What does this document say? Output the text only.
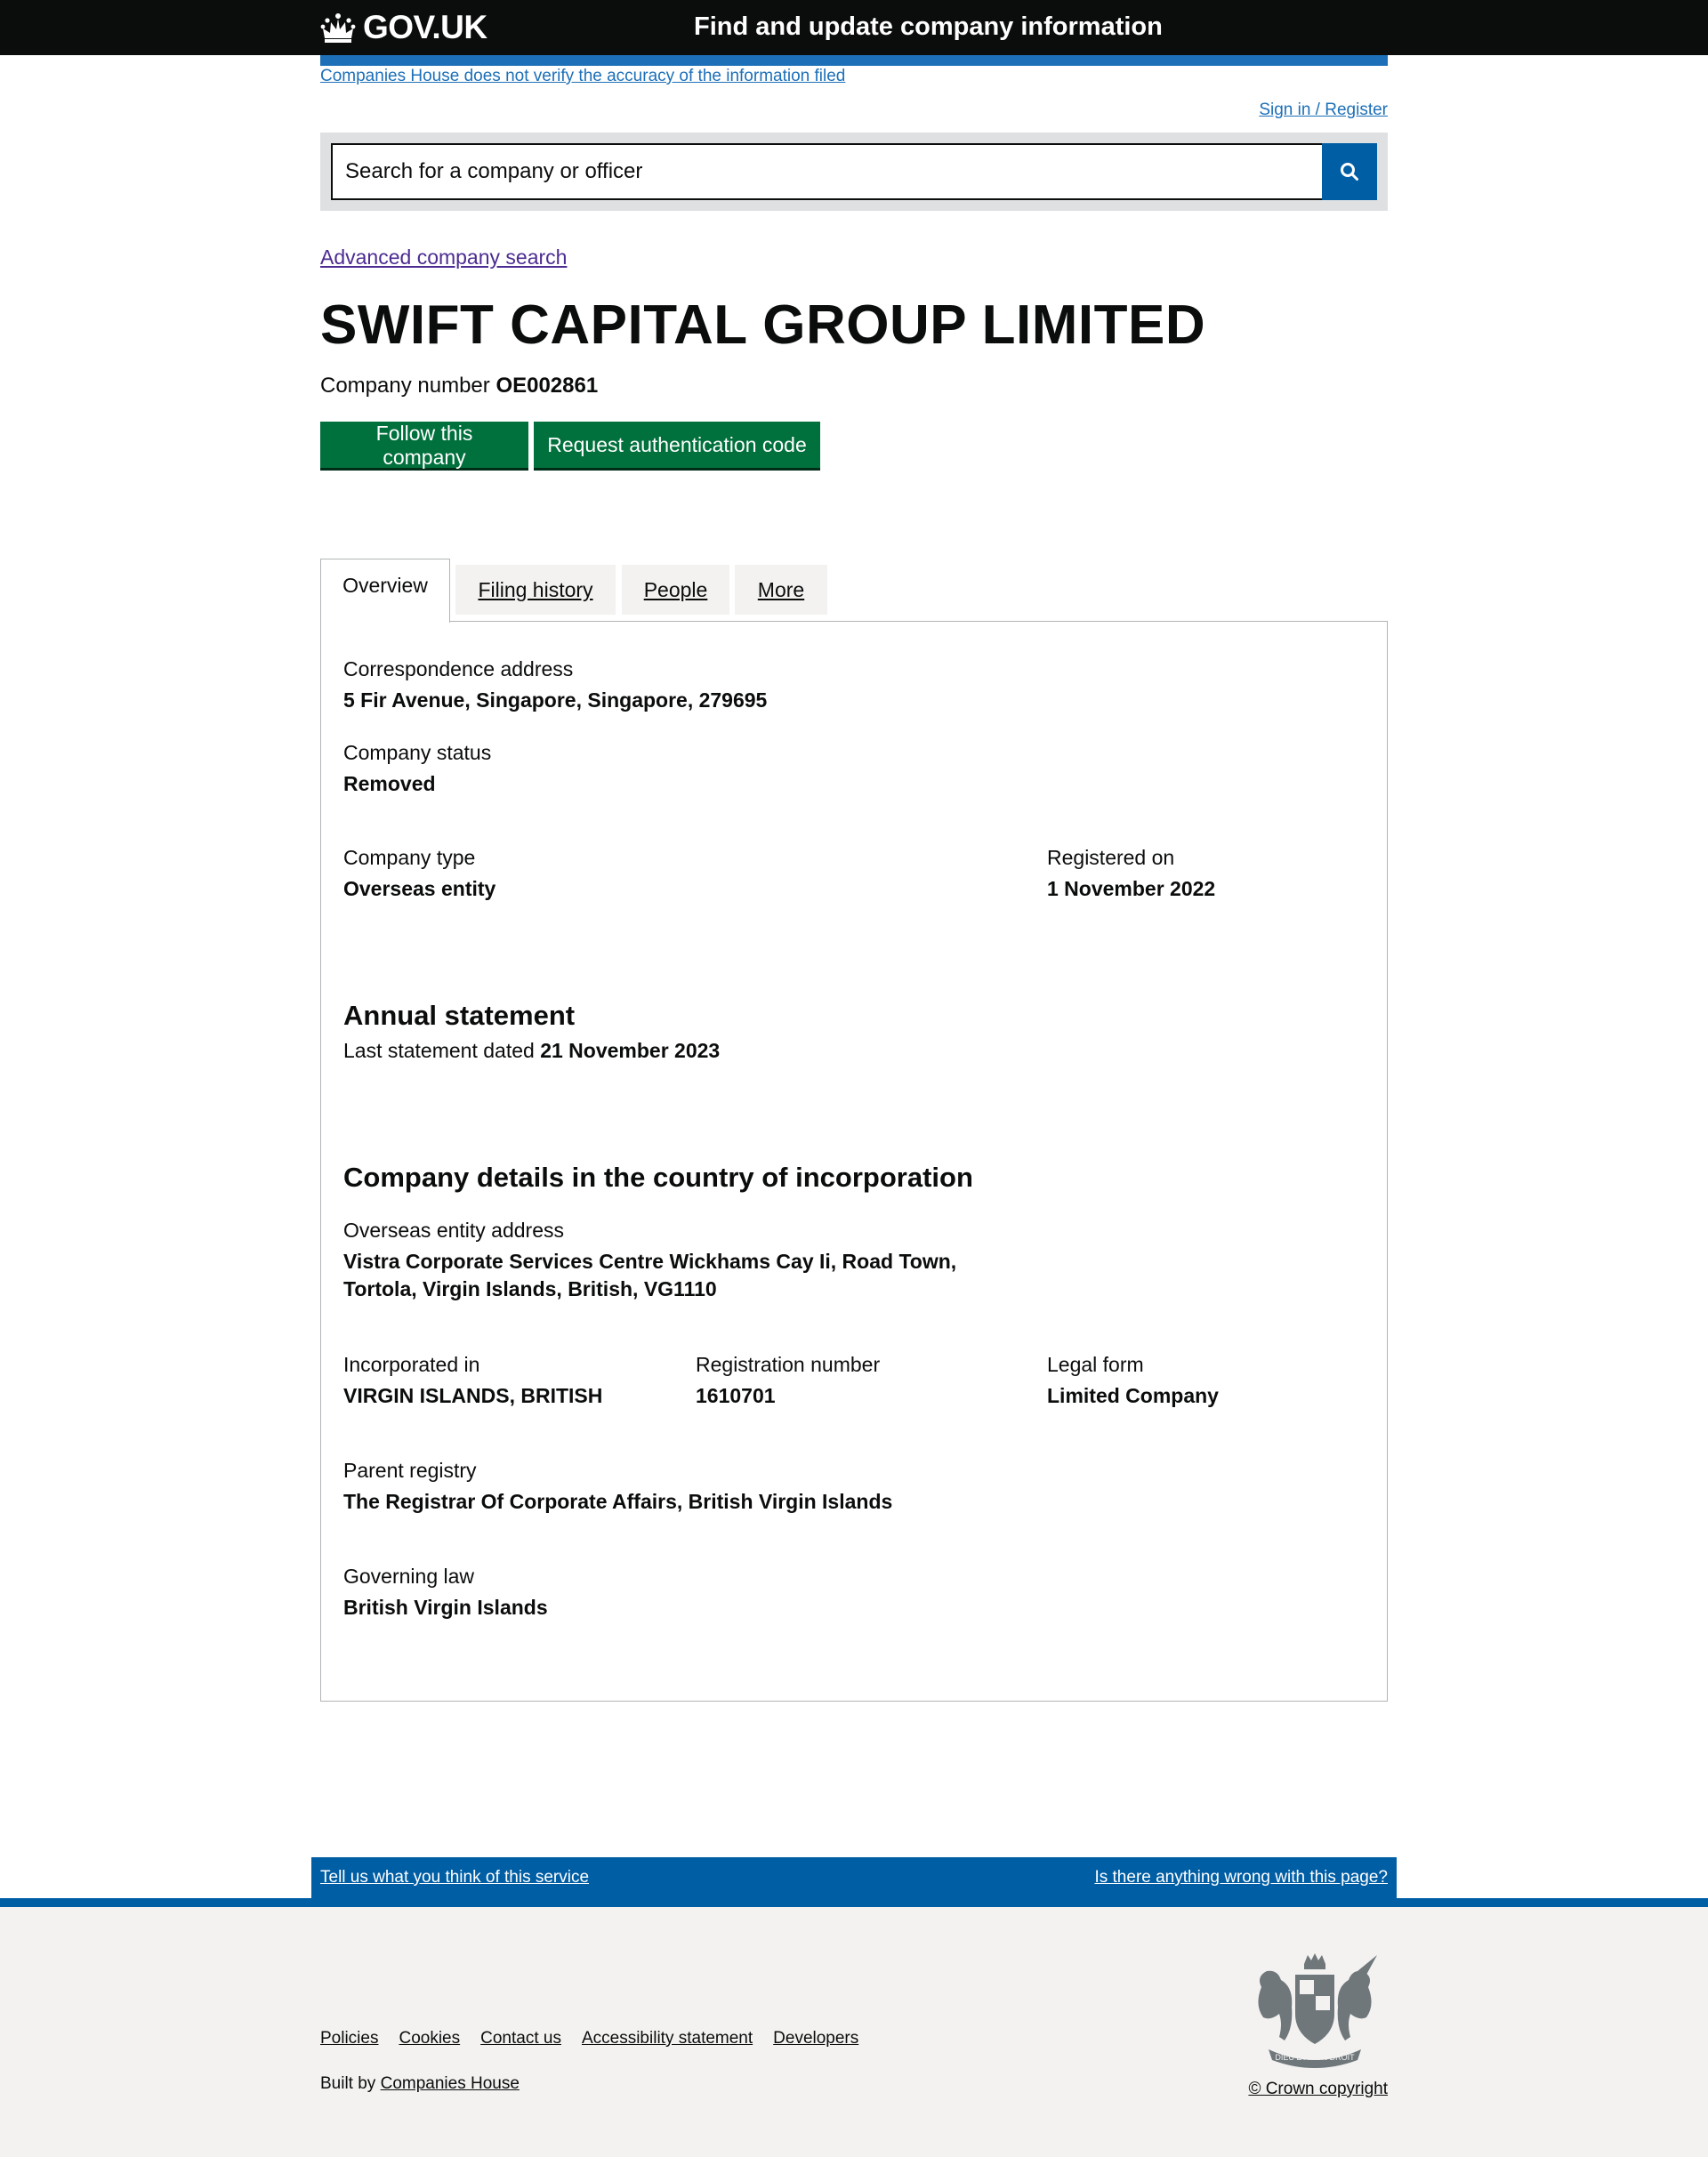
GOV.UK	Find and update company information
Companies House does not verify the accuracy of the information filed
Sign in / Register
Search for a company or officer
Advanced company search
SWIFT CAPITAL GROUP LIMITED

Company number OE002861

Follow this company
Request authentication code
Overview	Filing history	People	More
Correspondence address
5 Fir Avenue, Singapore, Singapore, 279695
Company status
Removed
Company type
Overseas entity
Registered on
1 November 2022
Annual statement

Last statement dated 21 November 2023

Company details in the country of incorporation
Overseas entity address
Vistra Corporate Services Centre Wickhams Cay Ii, Road Town,
Tortola, Virgin Islands, British, VG1110
Incorporated in
VIRGIN ISLANDS, BRITISH
Registration number
1610701
Legal form
Limited Company
Parent registry
The Registrar Of Corporate Affairs, British Virgin Islands
Governing law
British Virgin Islands
Tell us what you think of this service	Is there anything wrong with this page?
Policies Cookies Contact us Accessibility statement Developers

Built by Companies House

DIEU ET MON DROIT
© Crown copyright
